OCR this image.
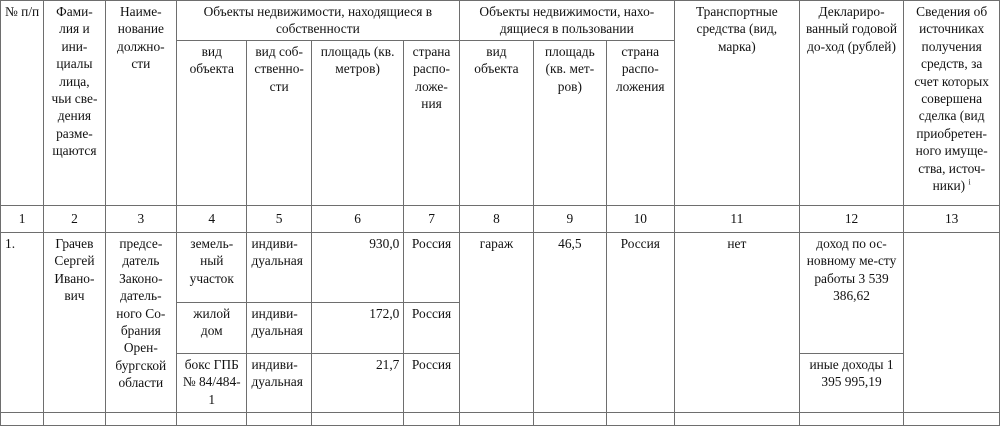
№ п/п	Фами-лия и ини-циалы лица, чьи све-дения разме-щаются	Наиме-нование должно-сти	Объекты недвижимости, находящиеся в собственности				Объекты недвижимости, нахо-дящиеся в пользовании			Транспортные средства (вид, марка)	Деклариро-ванный годовой до-ход (рублей)	Сведения об источниках получения средств, за счет которых совершена сделка (вид приобретен-ного имуще-ства, источ-ники) $^i$
			вид объекта	вид соб-ственно-сти	площадь (кв. метров)	страна распо-ложе-ния	вид объекта	площадь (кв. мет-ров)	страна распо-ложения			
1	2	3	4	5	6	7	8	9	10	11	12	13
1.	Грачев Сергей Ивано-вич	предсе-датель Законо-датель-ного Со-брания Орен-бургской области	земель-ный участок	индиви-дуальная	930,0	Россия	гараж	46,5	Россия	нет	доход по ос-новному ме-сту работы 3 539 386,62	
			жилой дом	индиви-дуальная	172,0	Россия						
			бокс ГПБ № 84/484-1	индиви-дуальная	21,7	Россия					иные доходы 1 395 995,19	
